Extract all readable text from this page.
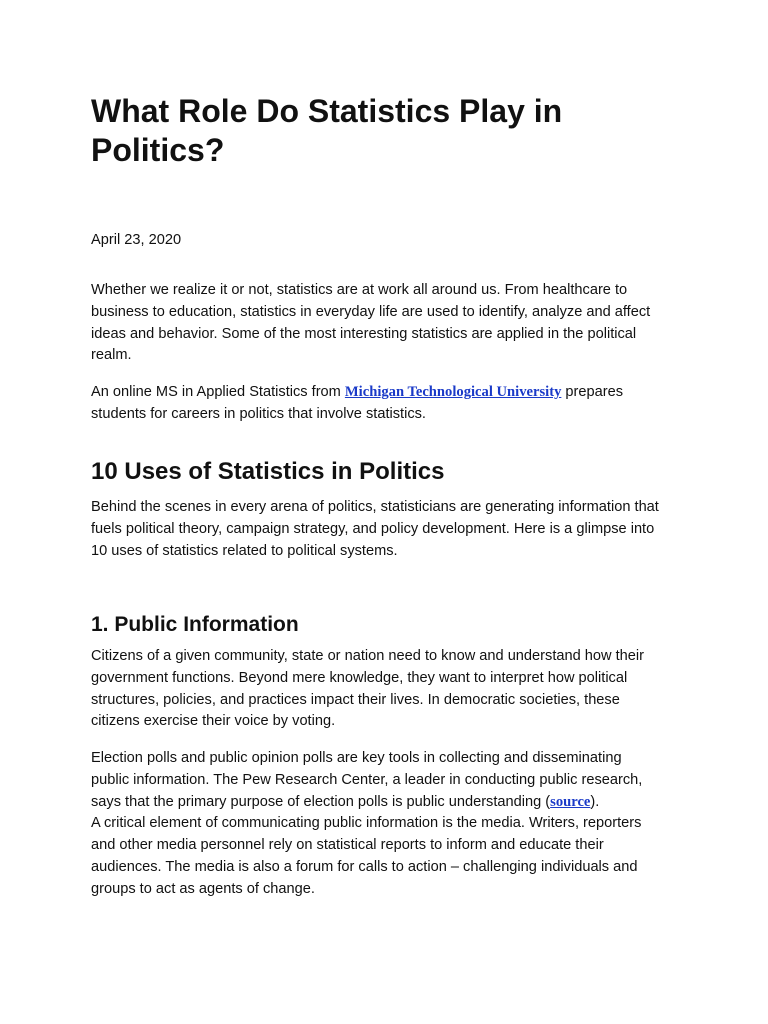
What Role Do Statistics Play in
Politics?

April 23, 2020

Whether we realize it or not, statistics are at work all around us. From healthcare to
business to education, statistics in everyday life are used to identify, analyze and affect
ideas and behavior. Some of the most interesting statistics are applied in the political
realm.

An online MS in Applied Statistics from Michigan Technological University prepares
students for careers in politics that involve statistics.

10 Uses of Statistics in Politics

Behind the scenes in every arena of politics, statisticians are generating information that
fuels political theory, campaign strategy, and policy development. Here is a glimpse into
10 uses of statistics related to political systems.

1. Public Information

Citizens of a given community, state or nation need to know and understand how their
government functions. Beyond mere knowledge, they want to interpret how political
structures, policies, and practices impact their lives. In democratic societies, these
citizens exercise their voice by voting.

Election polls and public opinion polls are key tools in collecting and disseminating
public information. The Pew Research Center, a leader in conducting public research,
says that the primary purpose of election polls is public understanding (source).
A critical element of communicating public information is the media. Writers, reporters
and other media personnel rely on statistical reports to inform and educate their
audiences. The media is also a forum for calls to action – challenging individuals and
groups to act as agents of change.
